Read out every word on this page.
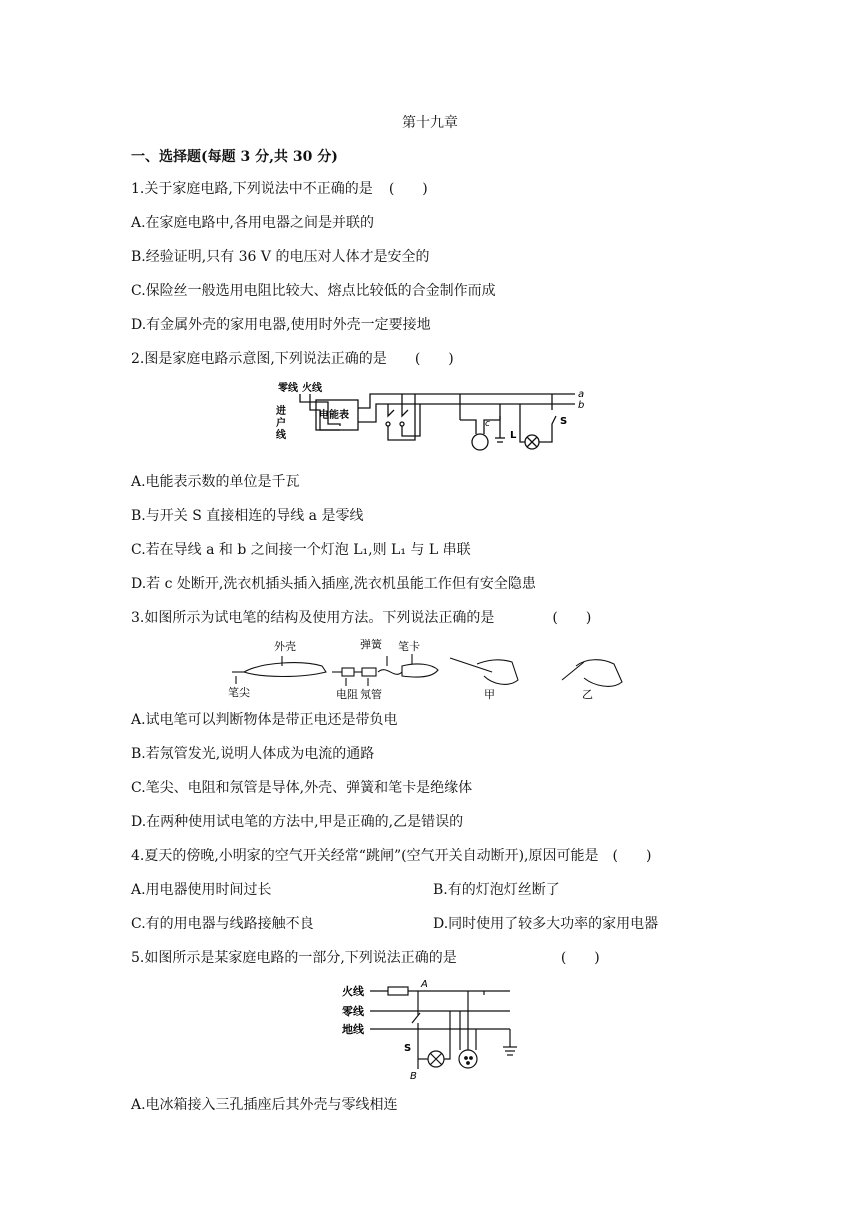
第十九章
一、选择题(每题 3 分,共 30 分)
1.关于家庭电路,下列说法中不正确的是 (　　)
A.在家庭电路中,各用电器之间是并联的
B.经验证明,只有 36 V 的电压对人体才是安全的
C.保险丝一般选用电阻比较大、熔点比较低的合金制作而成
D.有金属外壳的家用电器,使用时外壳一定要接地
2.图是家庭电路示意图,下列说法正确的是 (　　)
零线 火线
进
户
线
电能表
a
b
c
L
S
A.电能表示数的单位是千瓦
B.与开关 S 直接相连的导线 a 是零线
C.若在导线 a 和 b 之间接一个灯泡 L₁,则 L₁ 与 L 串联
D.若 c 处断开,洗衣机插头插入插座,洗衣机虽能工作但有安全隐患
3.如图所示为试电笔的结构及使用方法。下列说法正确的是	(　　)
外壳	弹簧 笔卡
笔尖	电阻 氖管	甲	乙
A.试电笔可以判断物体是带正电还是带负电
B.若氖管发光,说明人体成为电流的通路
C.笔尖、电阻和氖管是导体,外壳、弹簧和笔卡是绝缘体
D.在两种使用试电笔的方法中,甲是正确的,乙是错误的
4.夏天的傍晚,小明家的空气开关经常“跳闸”(空气开关自动断开),原因可能是 (　　)
A.用电器使用时间过长	B.有的灯泡灯丝断了
C.有的用电器与线路接触不良	D.同时使用了较多大功率的家用电器
5.如图所示是某家庭电路的一部分,下列说法正确的是	(　　)
火线
零线
地线
A
B
S
A.电冰箱接入三孔插座后其外壳与零线相连
